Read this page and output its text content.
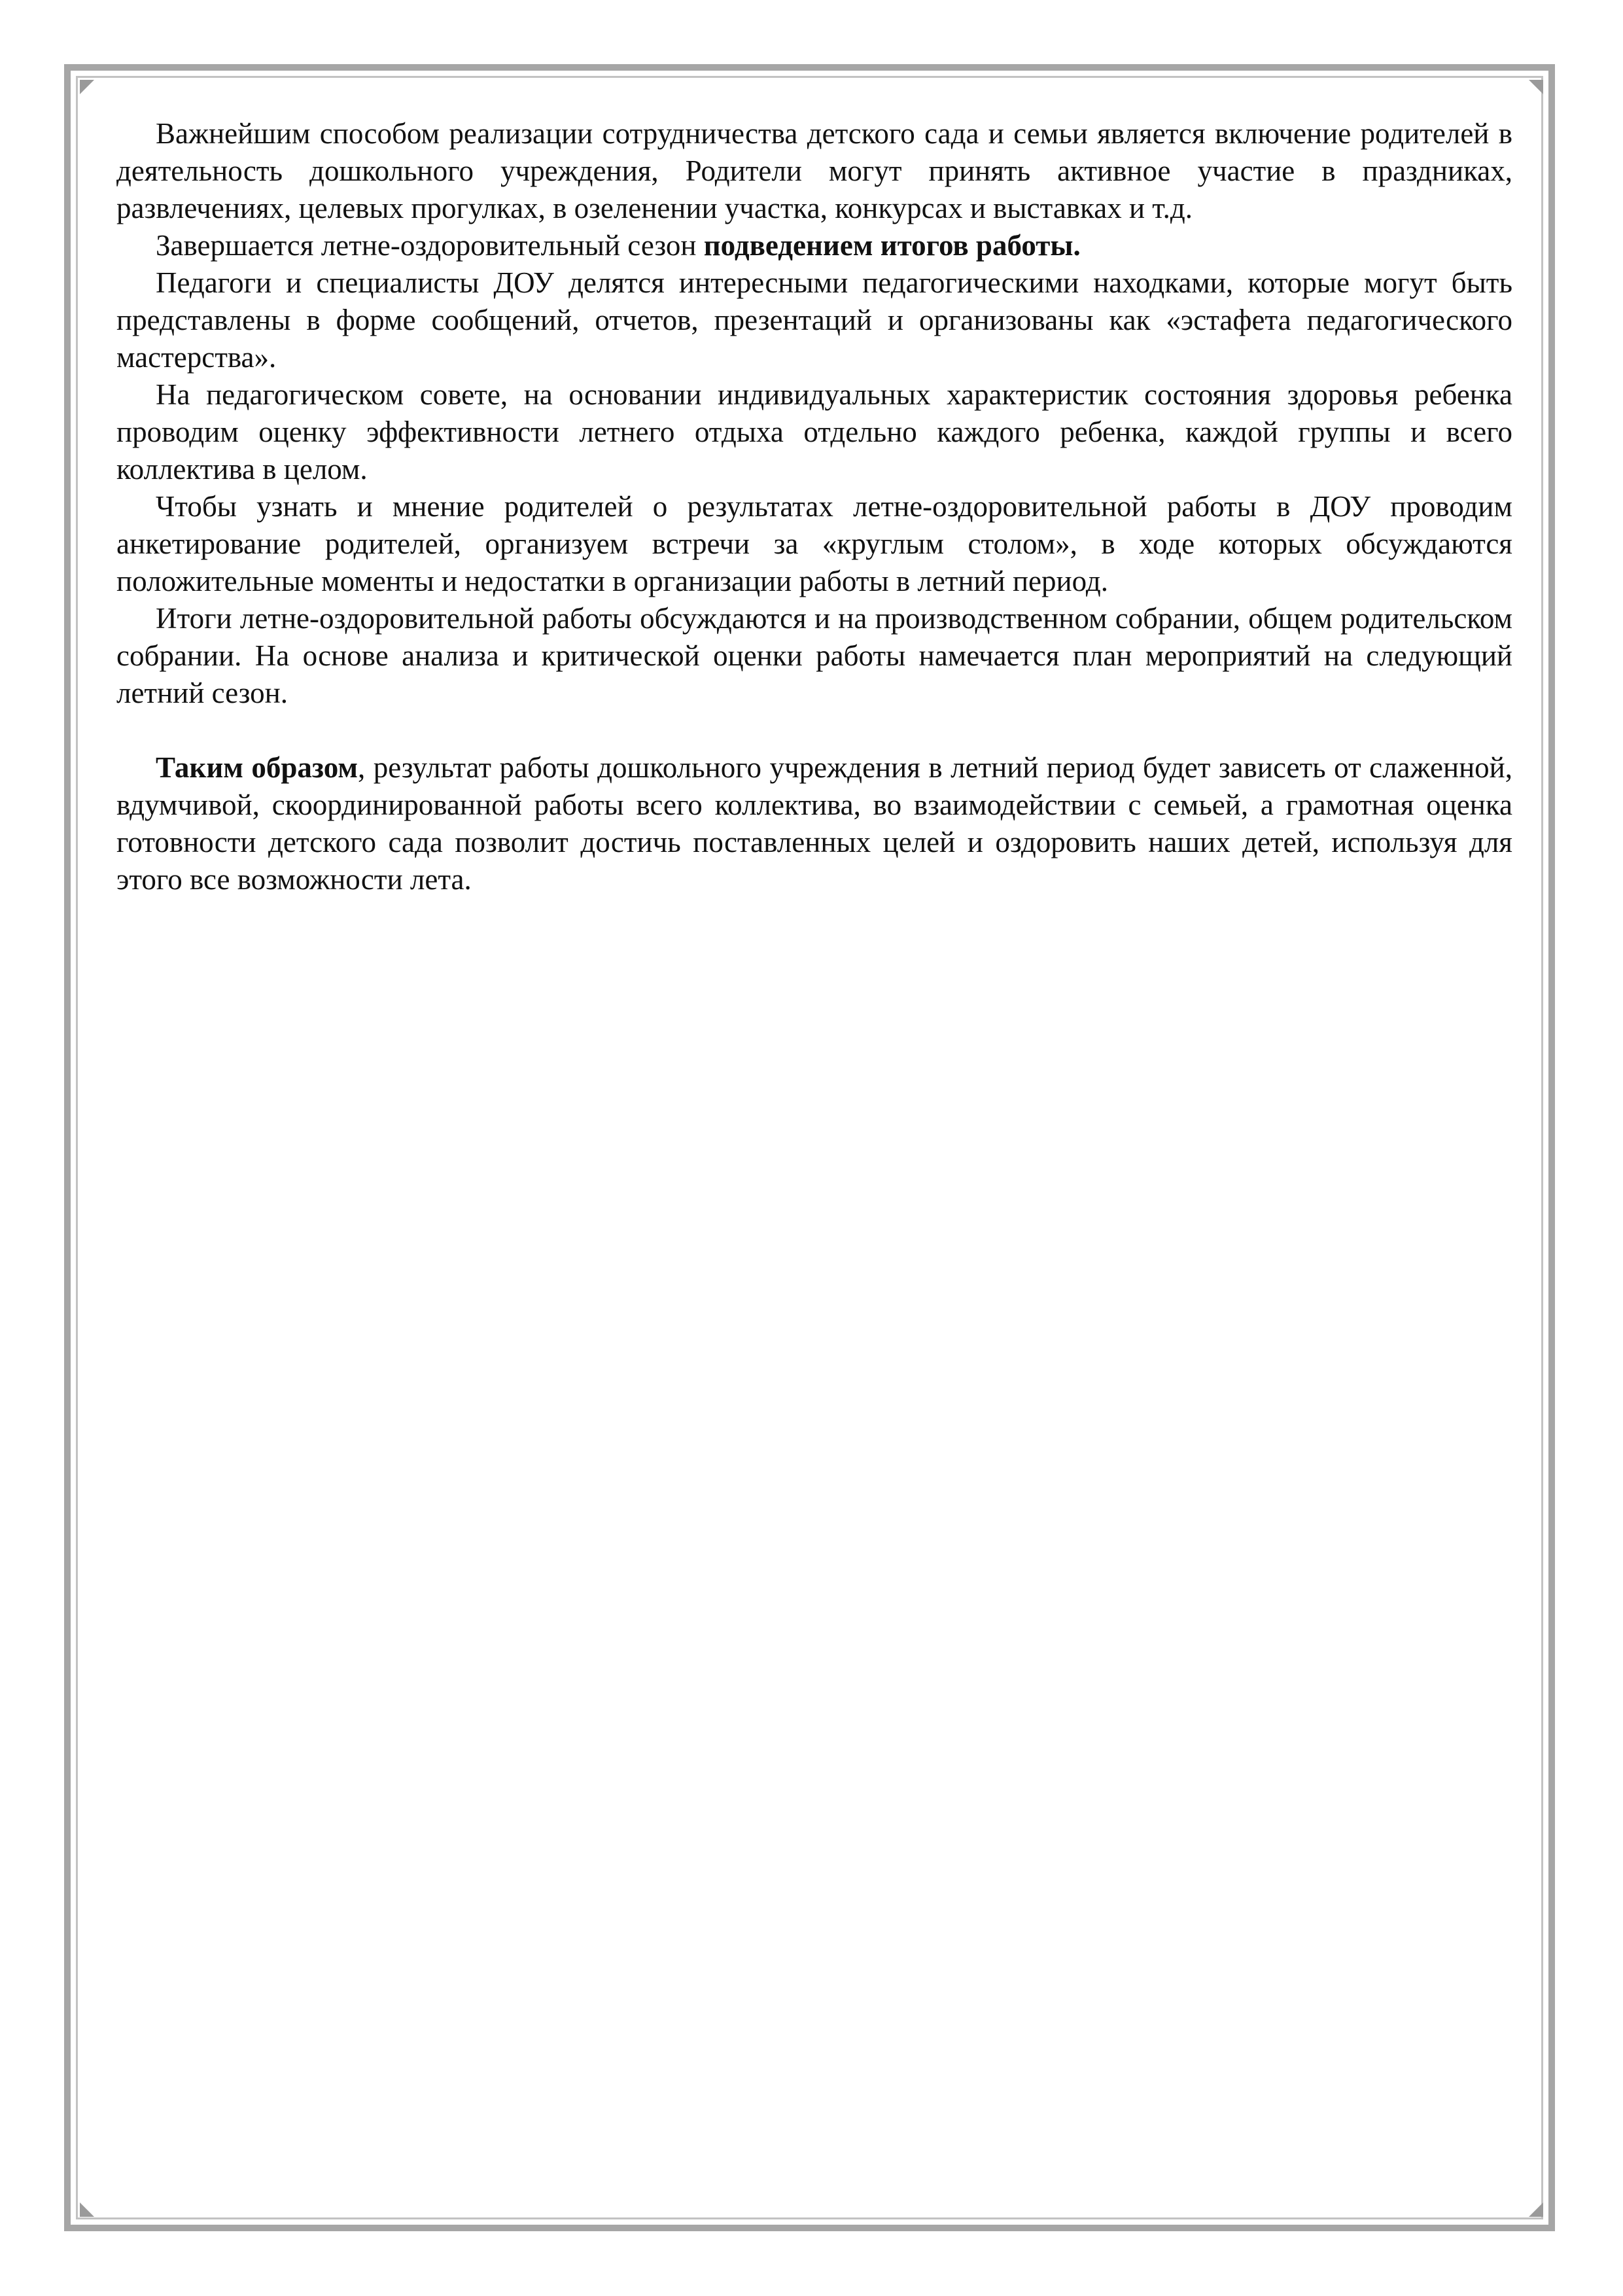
Важнейшим способом реализации сотрудничества детского сада и семьи является включение родителей в деятельность дошкольного учреждения, Родители могут принять активное участие в праздниках, развлечениях, целевых прогулках, в озеленении участка, конкурсах и выставках и т.д.

Завершается летне-оздоровительный сезон подведением итогов работы.

Педагоги и специалисты ДОУ делятся интересными педагогическими находками, которые могут быть представлены в форме сообщений, отчетов, презентаций и организованы как «эстафета педагогического мастерства».

На педагогическом совете, на основании индивидуальных характеристик состояния здоровья ребенка проводим оценку эффективности летнего отдыха отдельно каждого ребенка, каждой группы и всего коллектива в целом.

Чтобы узнать и мнение родителей о результатах летне-оздоровительной работы в ДОУ проводим анкетирование родителей, организуем встречи за «круглым столом», в ходе которых обсуждаются положительные моменты и недостатки в организации работы в летний период.

Итоги летне-оздоровительной работы обсуждаются и на производственном собрании, общем родительском собрании. На основе анализа и критической оценки работы намечается план мероприятий на следующий летний сезон.

Таким образом, результат работы дошкольного учреждения в летний период будет зависеть от слаженной, вдумчивой, скоординированной работы всего коллектива, во взаимодействии с семьей, а грамотная оценка готовности детского сада позволит достичь поставленных целей и оздоровить наших детей, используя для этого все возможности лета.
